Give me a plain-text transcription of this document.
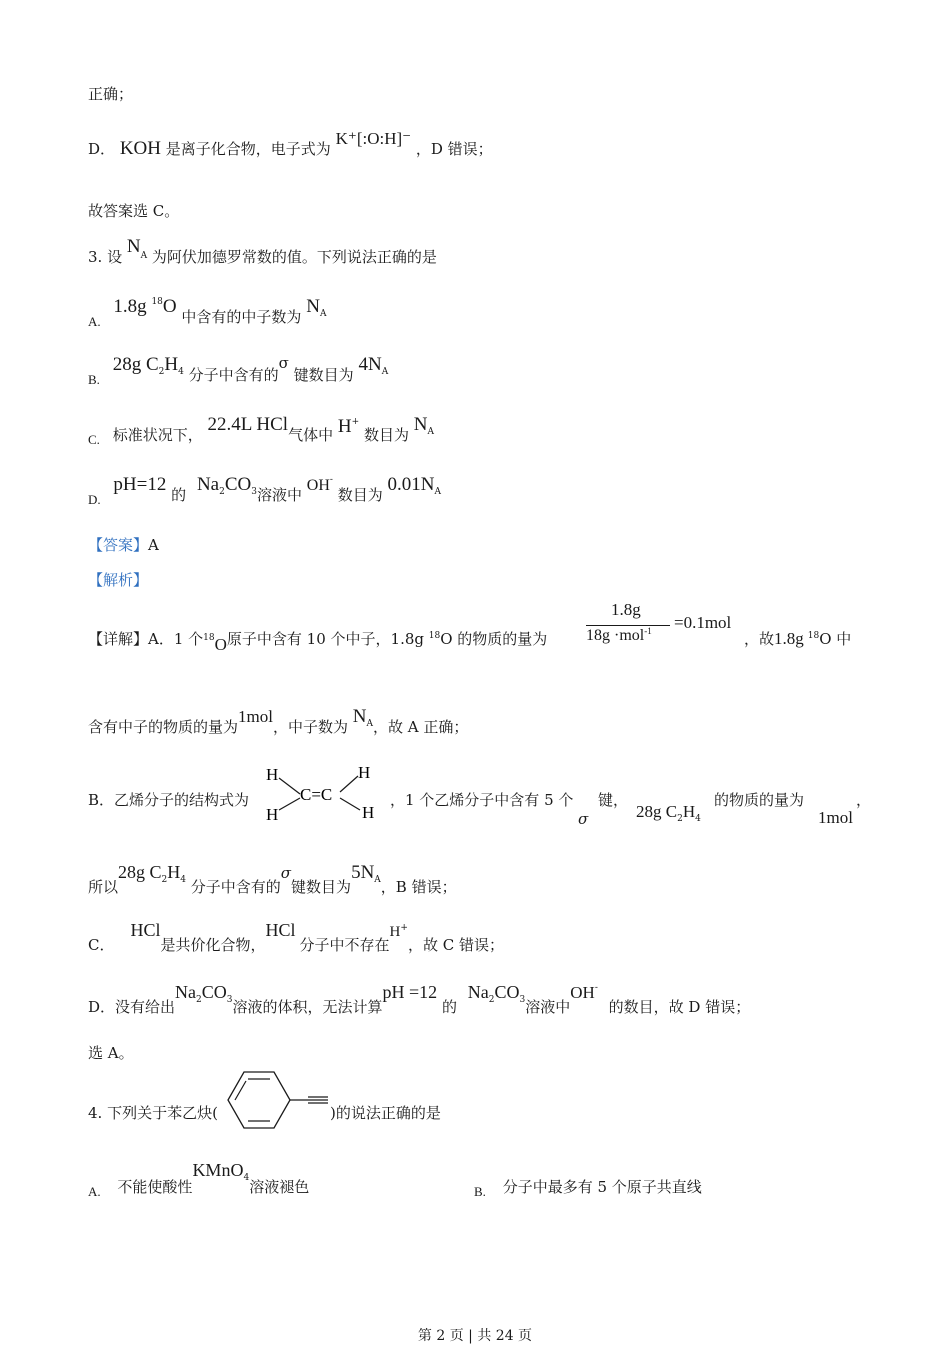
正确；
D． KOH 是离子化合物，电子式为 K⁺[:O:H]⁻ ，D 错误；
故答案选 C。
3. 设 $N^A$ 为阿伏加德罗常数的值。下列说法正确的是
A. 1.8g $^{18}$O 中含有的中子数为 $N_A$
B. 28g $C_2H_4$ 分子中含有的σ 键数目为 $4N_A$
C. 标准状况下， 22.4L HCl气体中 H+ 数目为 $N_A$
D. pH=12 的 $Na_2CO_3$溶液中 OH- 数目为 $0.01N_A$
【答案】A
【解析】
【详解】A．1 个$^{18}$O原子中含有 10 个中子，1.8g $^{18}$O 的物质的量为
1.8g
18g ·mol$^{-1}$ =0.1mol
，故1.8g $^{18}$O 中
含有中子的物质的量为1mol，中子数为 $N_A$，故 A 正确；
B．乙烯分子的结构式为
H
H
H
H
C=C	，1 个乙烯分子中含有 5 个
σ
键，
28g $C_2H_4$
的物质的量为	，
1mol
所以28g $C_2H_4$ 分子中含有的σ键数目为$5N_A$，B 错误；
C．HCl是共价化合物，HCl分子中不存在H+，故 C 错误；
D．没有给出$Na_2CO_3$溶液的体积，无法计算pH =12 的 $Na_2CO_3$溶液中OH- 的数目，故 D 错误；
选 A。
4. 下列关于苯乙炔(	)的说法正确的是
A. 不能使酸性KMnO$_4$溶液褪色	B. 分子中最多有 5 个原子共直线
第 2 页 | 共 24 页
